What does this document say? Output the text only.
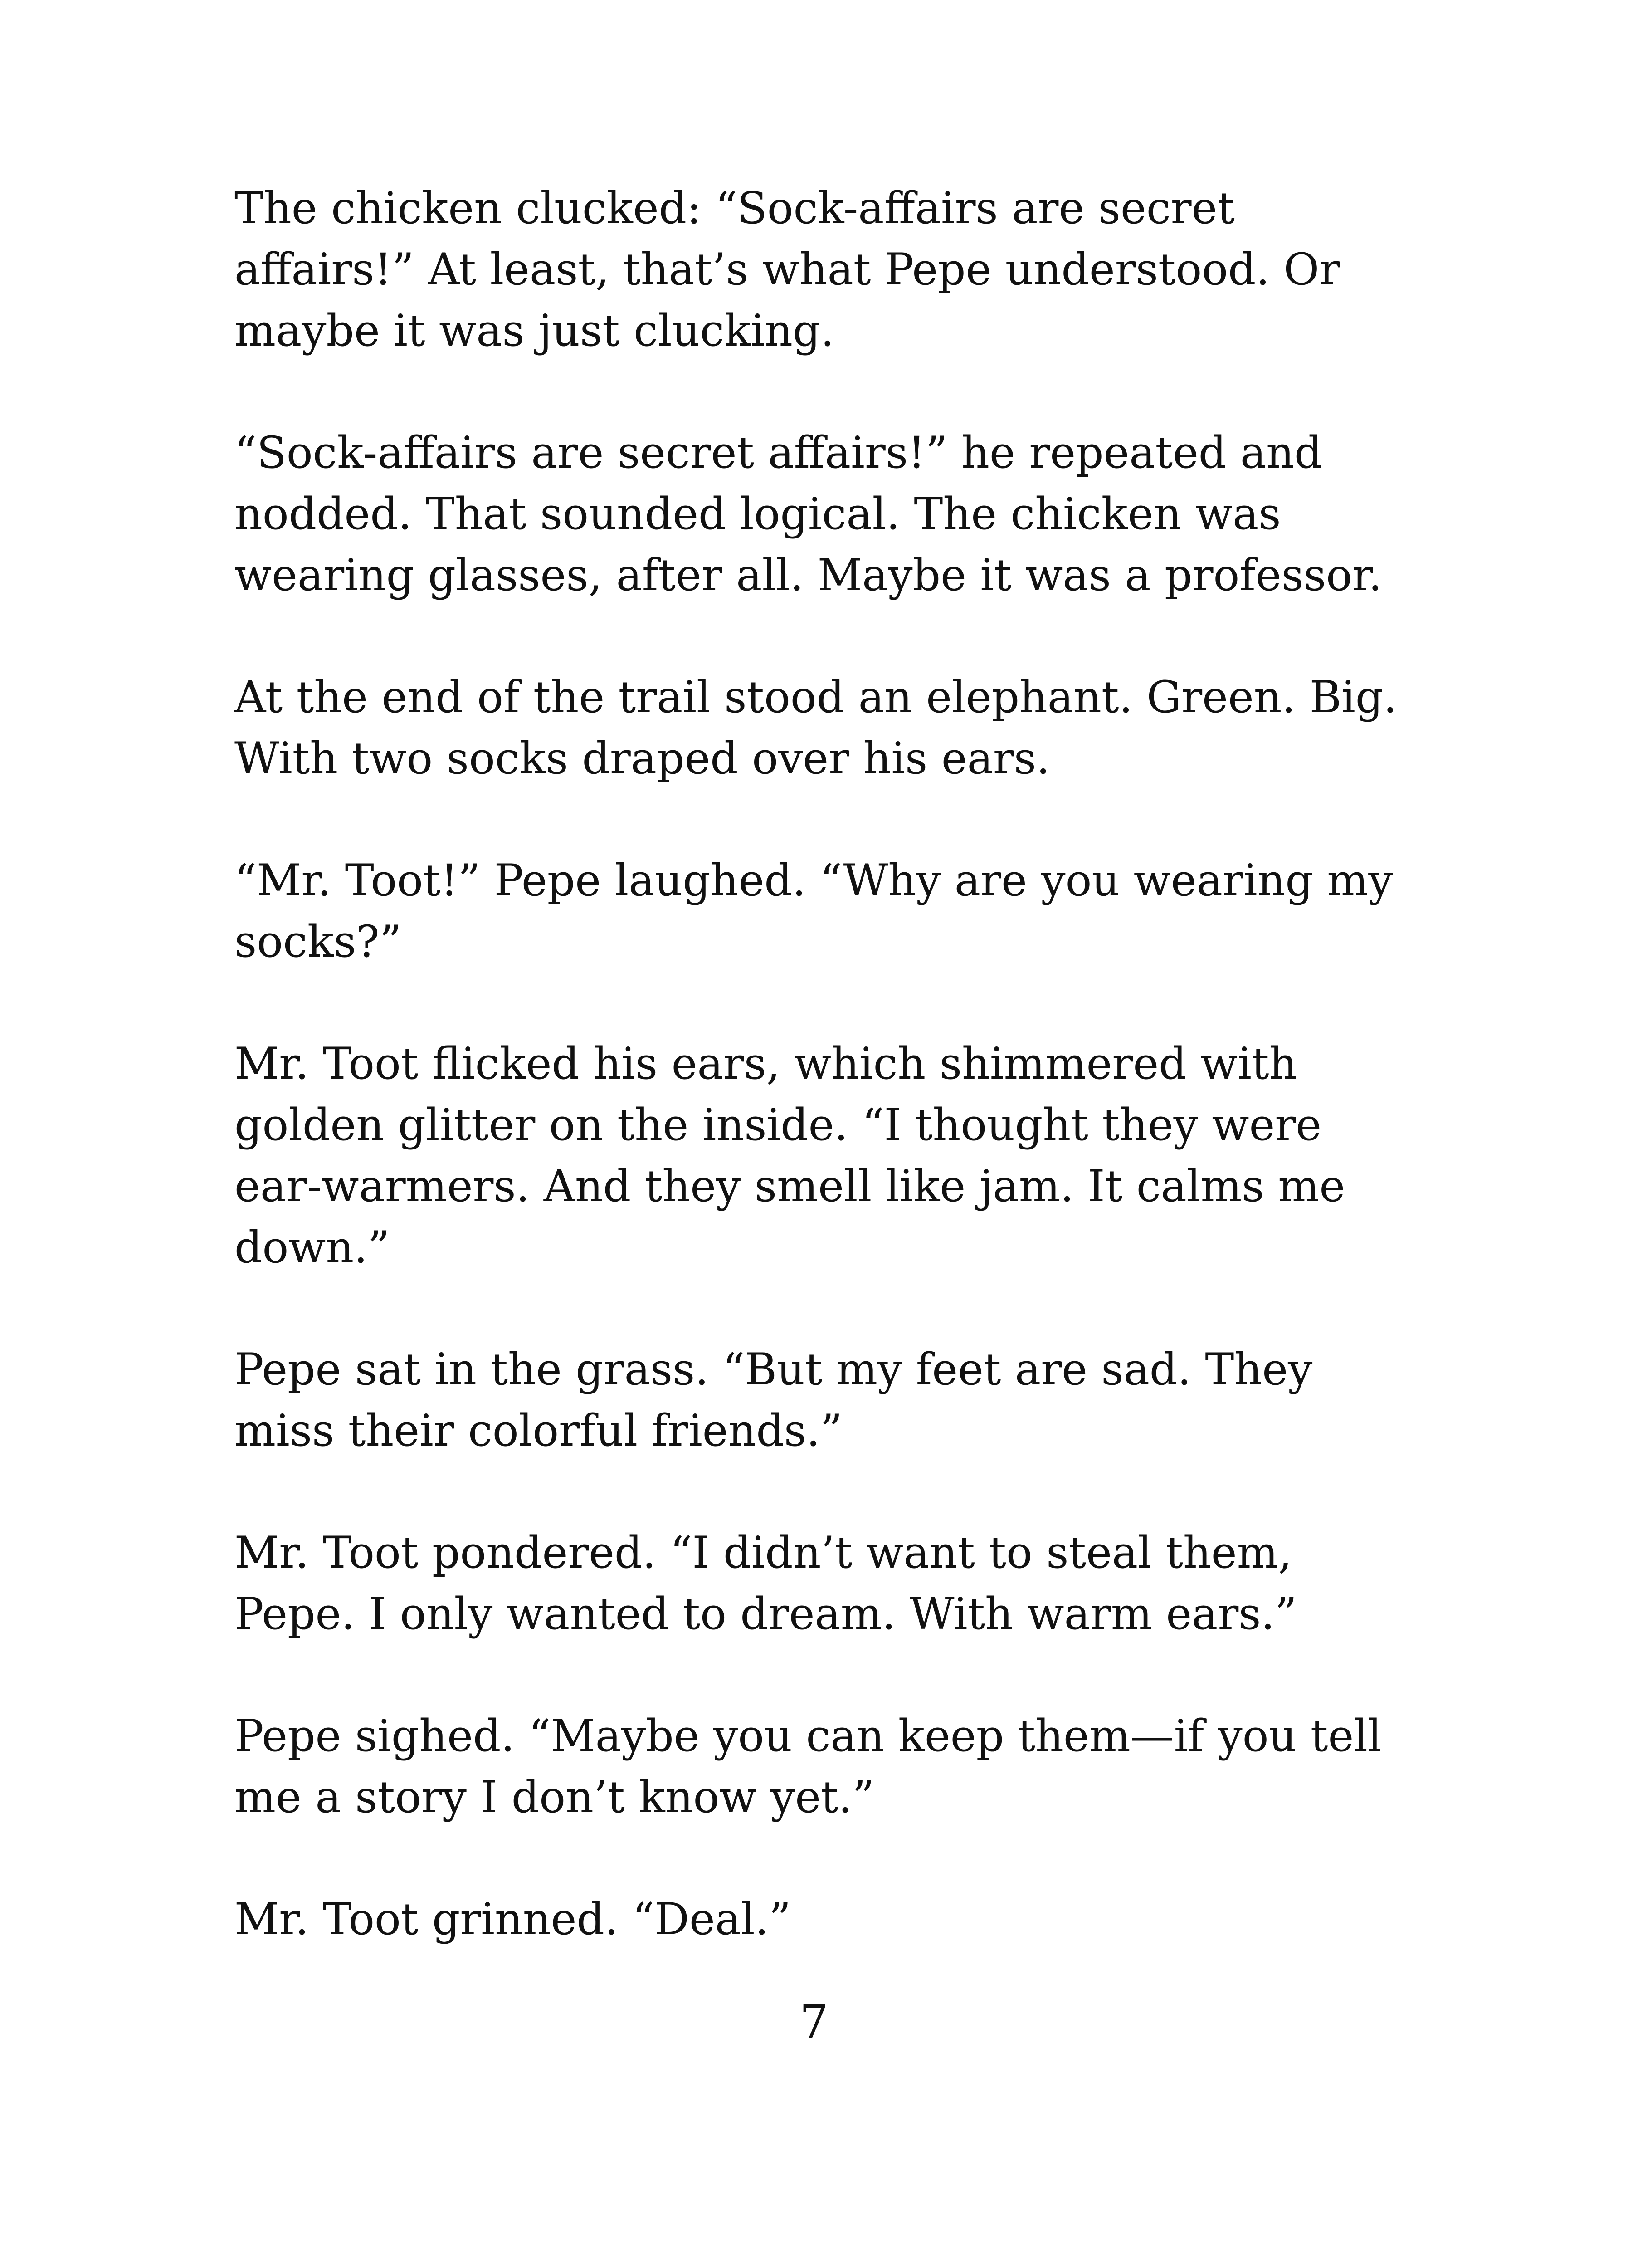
The chicken clucked: “Sock-affairs are secret affairs!” At least, that’s what Pepe understood. Or maybe it was just clucking.

“Sock-affairs are secret affairs!” he repeated and nodded. That sounded logical. The chicken was wearing glasses, after all. Maybe it was a professor.

At the end of the trail stood an elephant. Green. Big. With two socks draped over his ears.

“Mr. Toot!” Pepe laughed. “Why are you wearing my socks?”

Mr. Toot flicked his ears, which shimmered with golden glitter on the inside. “I thought they were ear-warmers. And they smell like jam. It calms me down.”

Pepe sat in the grass. “But my feet are sad. They miss their colorful friends.”

Mr. Toot pondered. “I didn’t want to steal them, Pepe. I only wanted to dream. With warm ears.”

Pepe sighed. “Maybe you can keep them—if you tell me a story I don’t know yet.”

Mr. Toot grinned. “Deal.”

7
